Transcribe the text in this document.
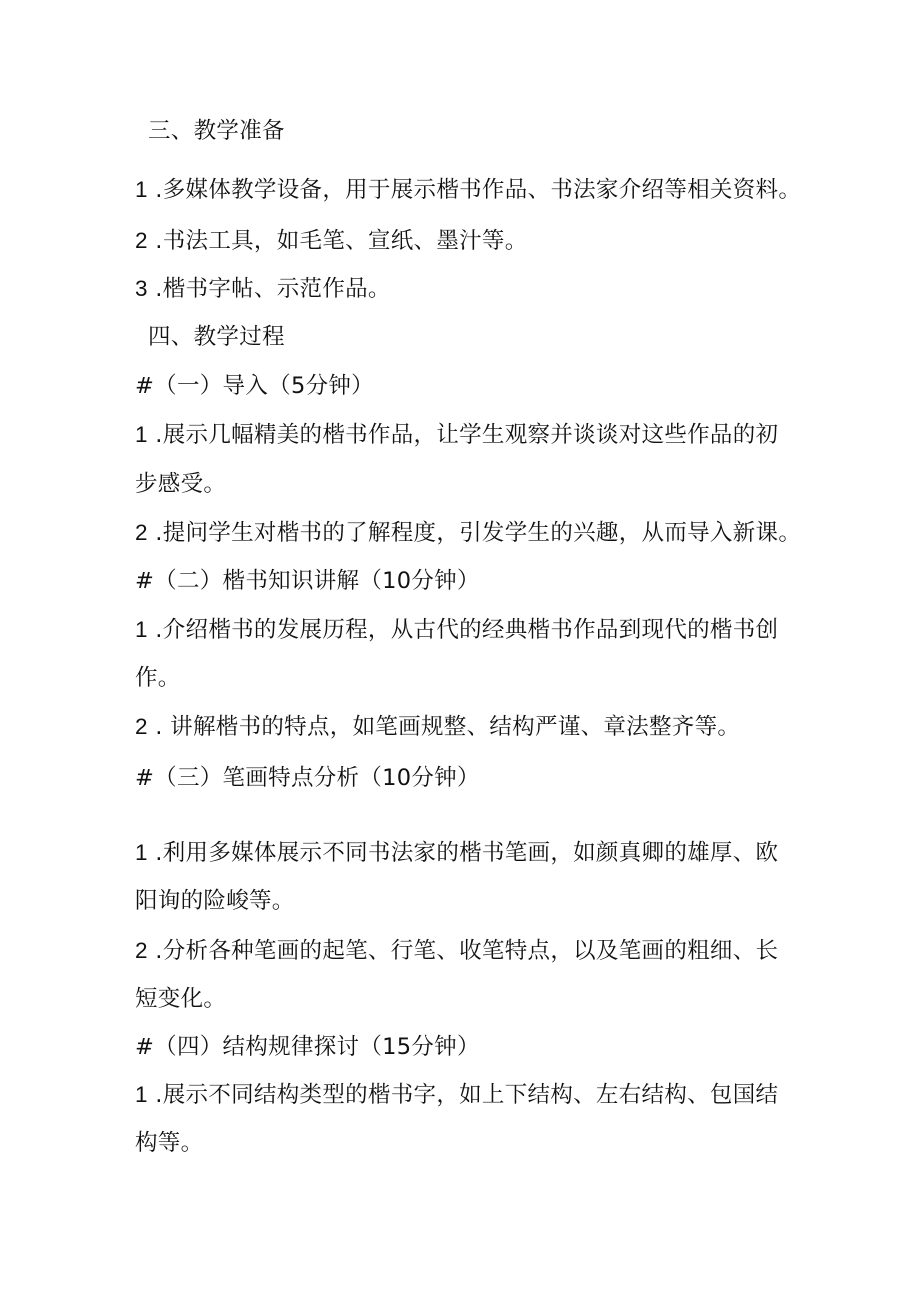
三、教学准备
1 .多媒体教学设备，用于展示楷书作品、书法家介绍等相关资料。
2 .书法工具，如毛笔、宣纸、墨汁等。
3 .楷书字帖、示范作品。
四、教学过程
#（一）导入（5分钟）
1 .展示几幅精美的楷书作品，让学生观察并谈谈对这些作品的初
步感受。
2 .提问学生对楷书的了解程度，引发学生的兴趣，从而导入新课。
#（二）楷书知识讲解（10分钟）
1 .介绍楷书的发展历程，从古代的经典楷书作品到现代的楷书创
作。
2 . 讲解楷书的特点，如笔画规整、结构严谨、章法整齐等。
#（三）笔画特点分析（10分钟）
1 .利用多媒体展示不同书法家的楷书笔画，如颜真卿的雄厚、欧
阳询的险峻等。
2 .分析各种笔画的起笔、行笔、收笔特点，以及笔画的粗细、长
短变化。
#（四）结构规律探讨（15分钟）
1 .展示不同结构类型的楷书字，如上下结构、左右结构、包国结
构等。
